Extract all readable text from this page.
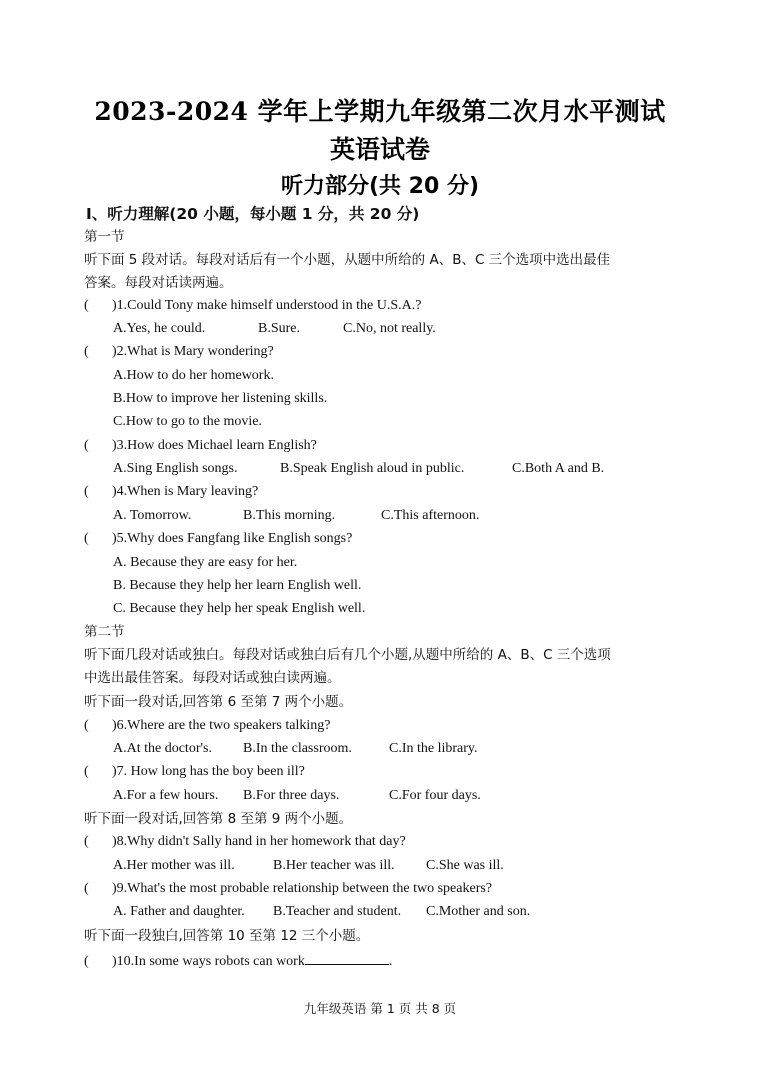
2023-2024 学年上学期九年级第二次月水平测试
英语试卷
听力部分(共 20 分)
Ⅰ、听力理解(20 小题，每小题 1 分，共 20 分)
第一节
听下面 5 段对话。每段对话后有一个小题，从题中所给的 A、B、C 三个选项中选出最佳
答案。每段对话读两遍。
( )1.Could Tony make himself understood in the U.S.A.?
A.Yes, he could.	B.Sure.	C.No, not really.
( )2.What is Mary wondering?
A.How to do her homework.
B.How to improve her listening skills.
C.How to go to the movie.
( )3.How does Michael learn English?
A.Sing English songs.	B.Speak English aloud in public.	C.Both A and B.
( )4.When is Mary leaving?
A. Tomorrow.	B.This morning.	C.This afternoon.
( )5.Why does Fangfang like English songs?
A. Because they are easy for her.
B. Because they help her learn English well.
C. Because they help her speak English well.
第二节
听下面几段对话或独白。每段对话或独白后有几个小题,从题中所给的 A、B、C 三个选项
中选出最佳答案。每段对话或独白读两遍。
听下面一段对话,回答第 6 至第 7 两个小题。
( )6.Where are the two speakers talking?
A.At the doctor's. B.In the classroom.	C.In the library.
( )7. How long has the boy been ill?
A.For a few hours. B.For three days.	C.For four days.
听下面一段对话,回答第 8 至第 9 两个小题。
( )8.Why didn't Sally hand in her homework that day?
A.Her mother was ill.	B.Her teacher was ill. C.She was ill.
( )9.What's the most probable relationship between the two speakers?
A. Father and daughter. B.Teacher and student. C.Mother and son.
听下面一段独白,回答第 10 至第 12 三个小题。
( )10.In some ways robots can work	.
九年级英语 第 1 页 共 8 页
